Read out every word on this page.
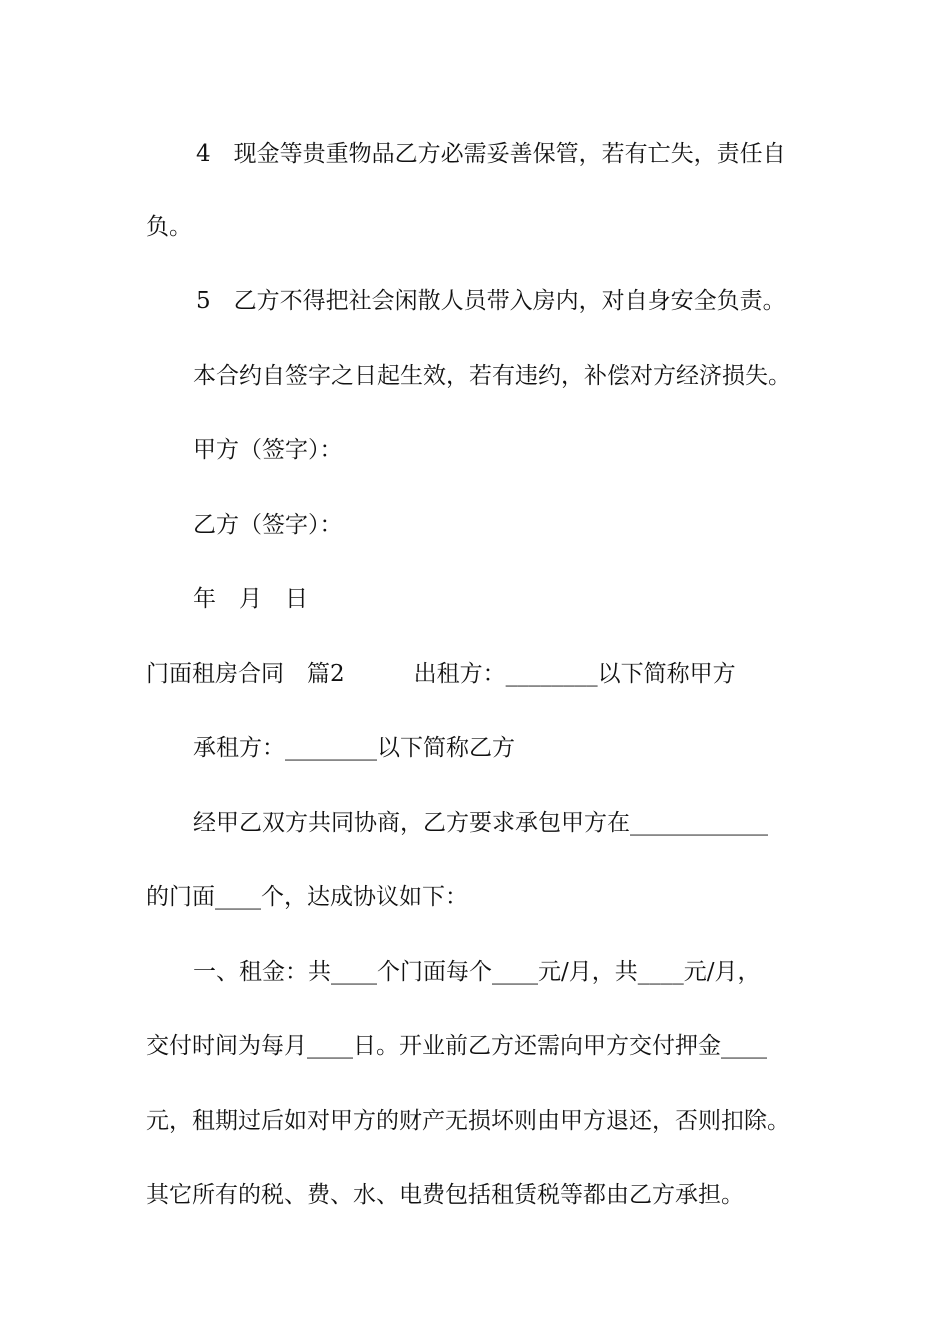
4　现金等贵重物品乙方必需妥善保管，若有亡失，责任自
负。
5　乙方不得把社会闲散人员带入房内，对自身安全负责。
本合约自签字之日起生效，若有违约，补偿对方经济损失。
甲方（签字）：
乙方（签字）：
年　月　日
门面租房合同　篇2　　　出租方：________以下简称甲方
承租方：________以下简称乙方
经甲乙双方共同协商，乙方要求承包甲方在____________
的门面____个，达成协议如下：
一、租金：共____个门面每个____元/月，共____元/月，
交付时间为每月____日。开业前乙方还需向甲方交付押金____
元，租期过后如对甲方的财产无损坏则由甲方退还，否则扣除。
其它所有的税、费、水、电费包括租赁税等都由乙方承担。
